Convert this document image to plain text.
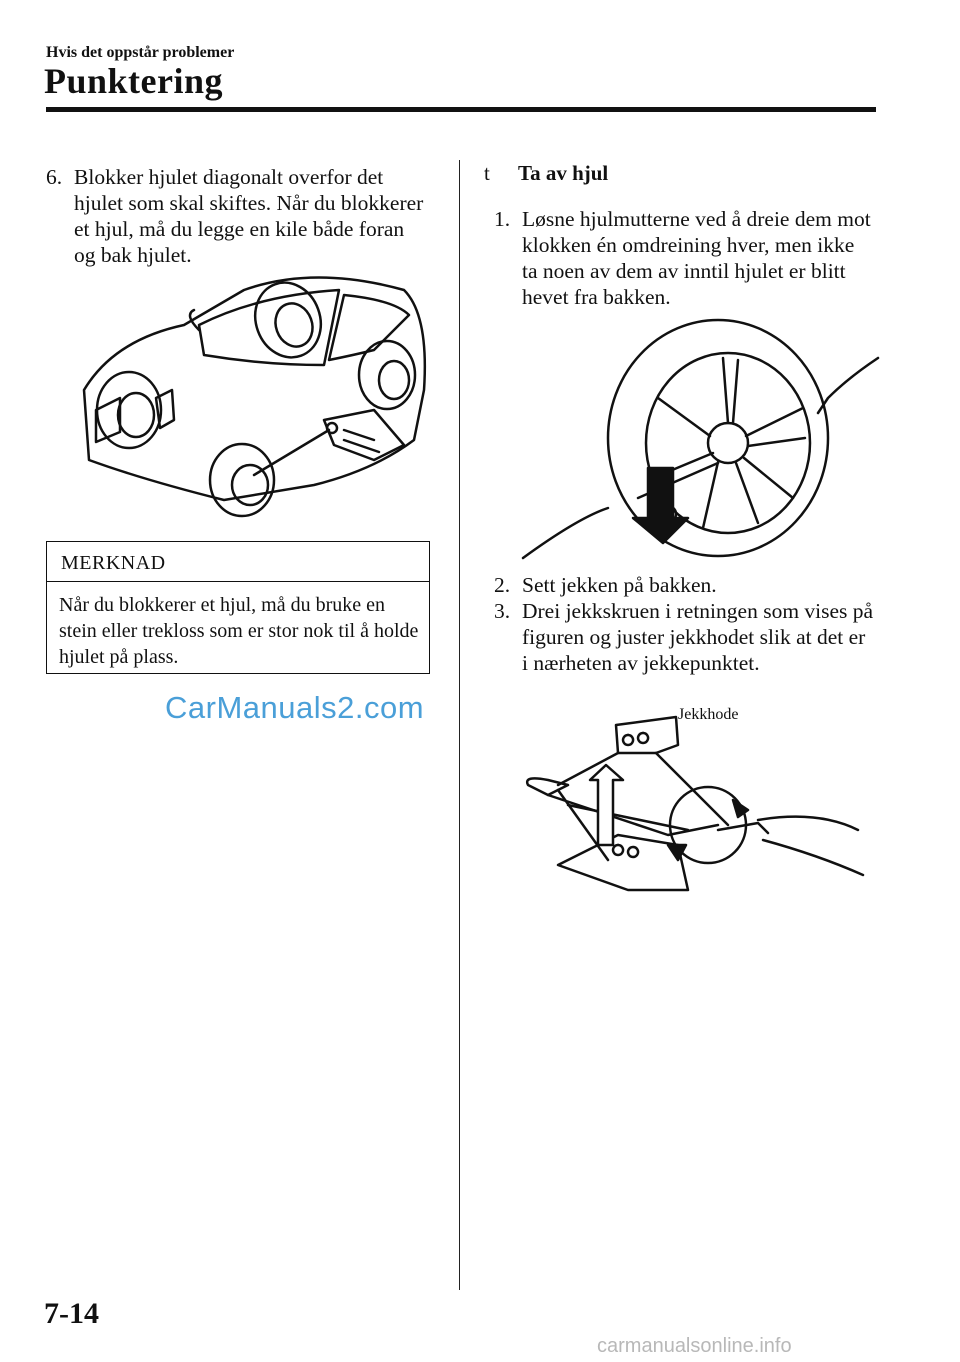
Hvis det oppstår problemer
Punktering
6. Blokker hjulet diagonalt overfor det hjulet som skal skiftes. Når du blokkerer et hjul, må du legge en kile både foran og bak hjulet.
MERKNAD
Når du blokkerer et hjul, må du bruke en stein eller trekloss som er stor nok til å holde hjulet på plass.
CarManuals2.com
t Ta av hjul
1. Løsne hjulmutterne ved å dreie dem mot klokken én omdreining hver, men ikke ta noen av dem av inntil hjulet er blitt hevet fra bakken.
2. Sett jekken på bakken.
3. Drei jekkskruen i retningen som vises på figuren og juster jekkhodet slik at det er i nærheten av jekkepunktet.
Jekkhode
7-14
carmanualsonline.info
